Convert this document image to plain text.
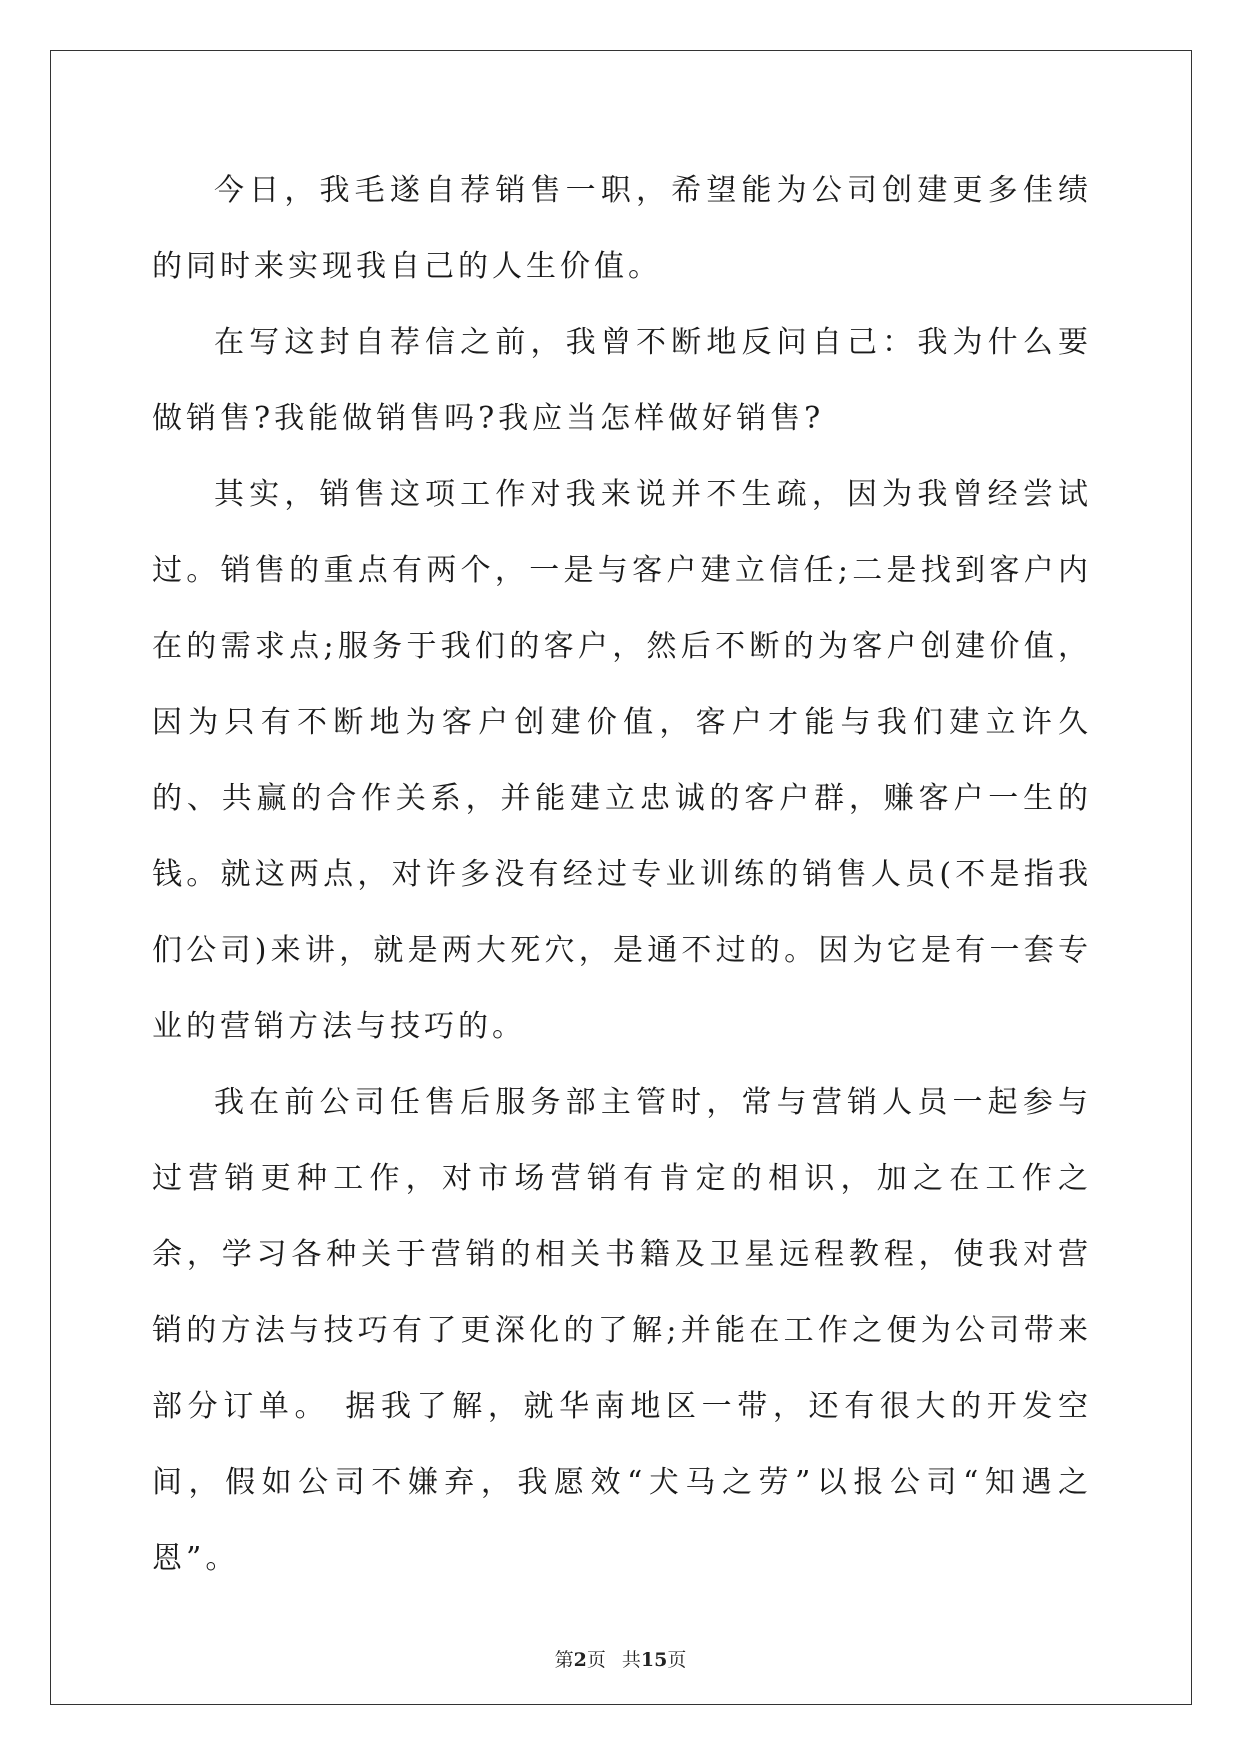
今日，我毛遂自荐销售一职，希望能为公司创建更多佳绩的同时来实现我自己的人生价值。

在写这封自荐信之前，我曾不断地反问自己：我为什么要做销售?我能做销售吗?我应当怎样做好销售?

其实，销售这项工作对我来说并不生疏，因为我曾经尝试过。销售的重点有两个，一是与客户建立信任;二是找到客户内在的需求点;服务于我们的客户，然后不断的为客户创建价值，因为只有不断地为客户创建价值，客户才能与我们建立许久的、共赢的合作关系，并能建立忠诚的客户群，赚客户一生的钱。就这两点，对许多没有经过专业训练的销售人员(不是指我们公司)来讲，就是两大死穴，是通不过的。因为它是有一套专业的营销方法与技巧的。

我在前公司任售后服务部主管时，常与营销人员一起参与过营销更种工作，对市场营销有肯定的相识，加之在工作之余，学习各种关于营销的相关书籍及卫星远程教程，使我对营销的方法与技巧有了更深化的了解;并能在工作之便为公司带来部分订单。 据我了解，就华南地区一带，还有很大的开发空间，假如公司不嫌弃，我愿效“犬马之劳”以报公司“知遇之恩”。

第2页 共15页
